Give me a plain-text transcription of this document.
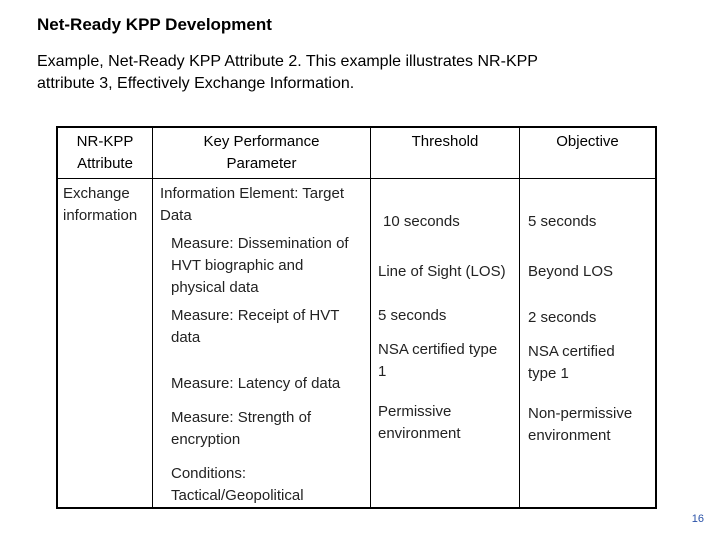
Net-Ready KPP Development
Example, Net-Ready KPP Attribute 2. This example illustrates NR-KPP
attribute 3, Effectively Exchange Information.
NR-KPP
Attribute
Key Performance
Parameter
Threshold	Objective
Exchange
information
Information Element: Target
Data
Measure: Dissemination of
HVT biographic and
physical data
Measure: Receipt of HVT
data
Measure: Latency of data
Measure: Strength of
encryption
Conditions:
Tactical/Geopolitical
10 seconds
Line of Sight (LOS)
5 seconds
NSA certified type
1
Permissive
environment
5 seconds
Beyond LOS
2 seconds
NSA certified
type 1
Non-permissive
environment
16
